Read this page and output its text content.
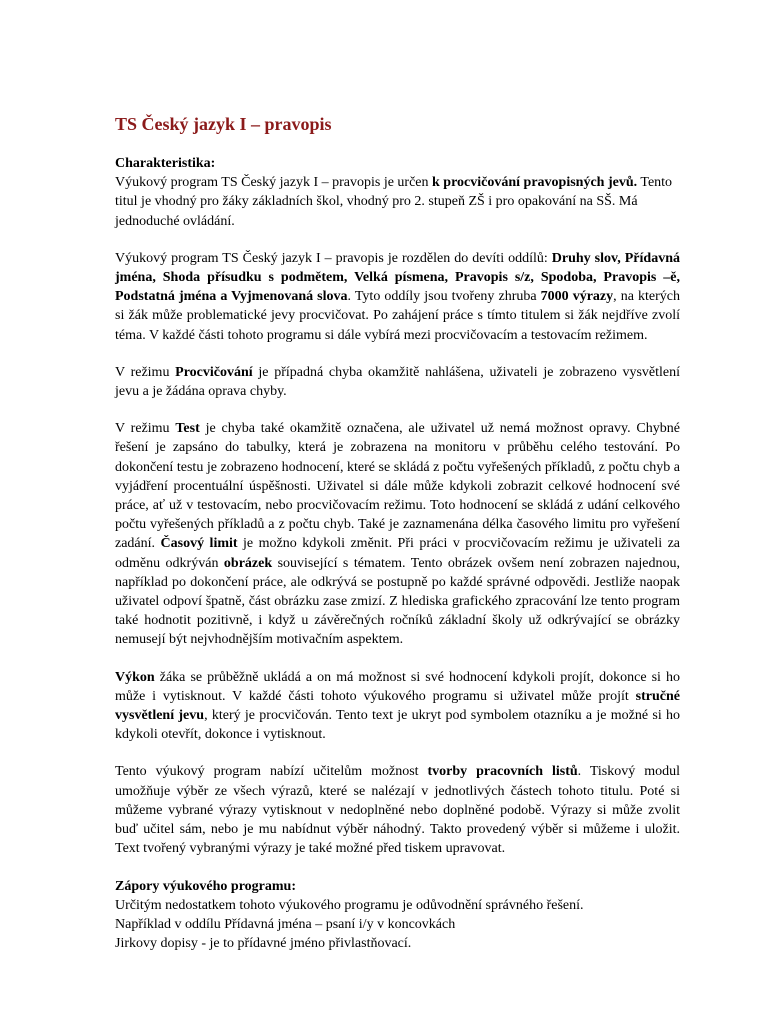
TS Český jazyk I – pravopis

Charakteristika:
Výukový program TS Český jazyk I – pravopis je určen k procvičování pravopisných jevů. Tento titul je vhodný pro žáky základních škol, vhodný pro 2. stupeň ZŠ i pro opakování na SŠ. Má jednoduché ovládání.

Výukový program TS Český jazyk I – pravopis je rozdělen do devíti oddílů: Druhy slov, Přídavná jména, Shoda přísudku s podmětem, Velká písmena, Pravopis s/z, Spodoba, Pravopis –ě, Podstatná jména a Vyjmenovaná slova. Tyto oddíly jsou tvořeny zhruba 7000 výrazy, na kterých si žák může problematické jevy procvičovat. Po zahájení práce s tímto titulem si žák nejdříve zvolí téma. V každé části tohoto programu si dále vybírá mezi procvičovacím a testovacím režimem.

V režimu Procvičování je případná chyba okamžitě nahlášena, uživateli je zobrazeno vysvětlení jevu a je žádána oprava chyby.

V režimu Test je chyba také okamžitě označena, ale uživatel už nemá možnost opravy. Chybné řešení je zapsáno do tabulky, která je zobrazena na monitoru v průběhu celého testování. Po dokončení testu je zobrazeno hodnocení, které se skládá z počtu vyřešených příkladů, z počtu chyb a vyjádření procentuální úspěšnosti. Uživatel si dále může kdykoli zobrazit celkové hodnocení své práce, ať už v testovacím, nebo procvičovacím režimu. Toto hodnocení se skládá z udání celkového počtu vyřešených příkladů a z počtu chyb. Také je zaznamenána délka časového limitu pro vyřešení zadání. Časový limit je možno kdykoli změnit. Při práci v procvičovacím režimu je uživateli za odměnu odkrýván obrázek související s tématem. Tento obrázek ovšem není zobrazen najednou, například po dokončení práce, ale odkrývá se postupně po každé správné odpovědi. Jestliže naopak uživatel odpoví špatně, část obrázku zase zmizí. Z hlediska grafického zpracování lze tento program také hodnotit pozitivně, i když u závěrečných ročníků základní školy už odkrývající se obrázky nemusejí být nejvhodnějším motivačním aspektem.

Výkon žáka se průběžně ukládá a on má možnost si své hodnocení kdykoli projít, dokonce si ho může i vytisknout. V každé části tohoto výukového programu si uživatel může projít stručné vysvětlení jevu, který je procvičován. Tento text je ukryt pod symbolem otazníku a je možné si ho kdykoli otevřít, dokonce i vytisknout.

Tento výukový program nabízí učitelům možnost tvorby pracovních listů. Tiskový modul umožňuje výběr ze všech výrazů, které se nalézají v jednotlivých částech tohoto titulu. Poté si můžeme vybrané výrazy vytisknout v nedoplněné nebo doplněné podobě. Výrazy si může zvolit buď učitel sám, nebo je mu nabídnut výběr náhodný. Takto provedený výběr si můžeme i uložit. Text tvořený vybranými výrazy je také možné před tiskem upravovat.

Zápory výukového programu:
Určitým nedostatkem tohoto výukového programu je odůvodnění správného řešení.
Například v oddílu Přídavná jména – psaní i/y v koncovkách
Jirkovy dopisy - je to přídavné jméno přivlastňovací.
